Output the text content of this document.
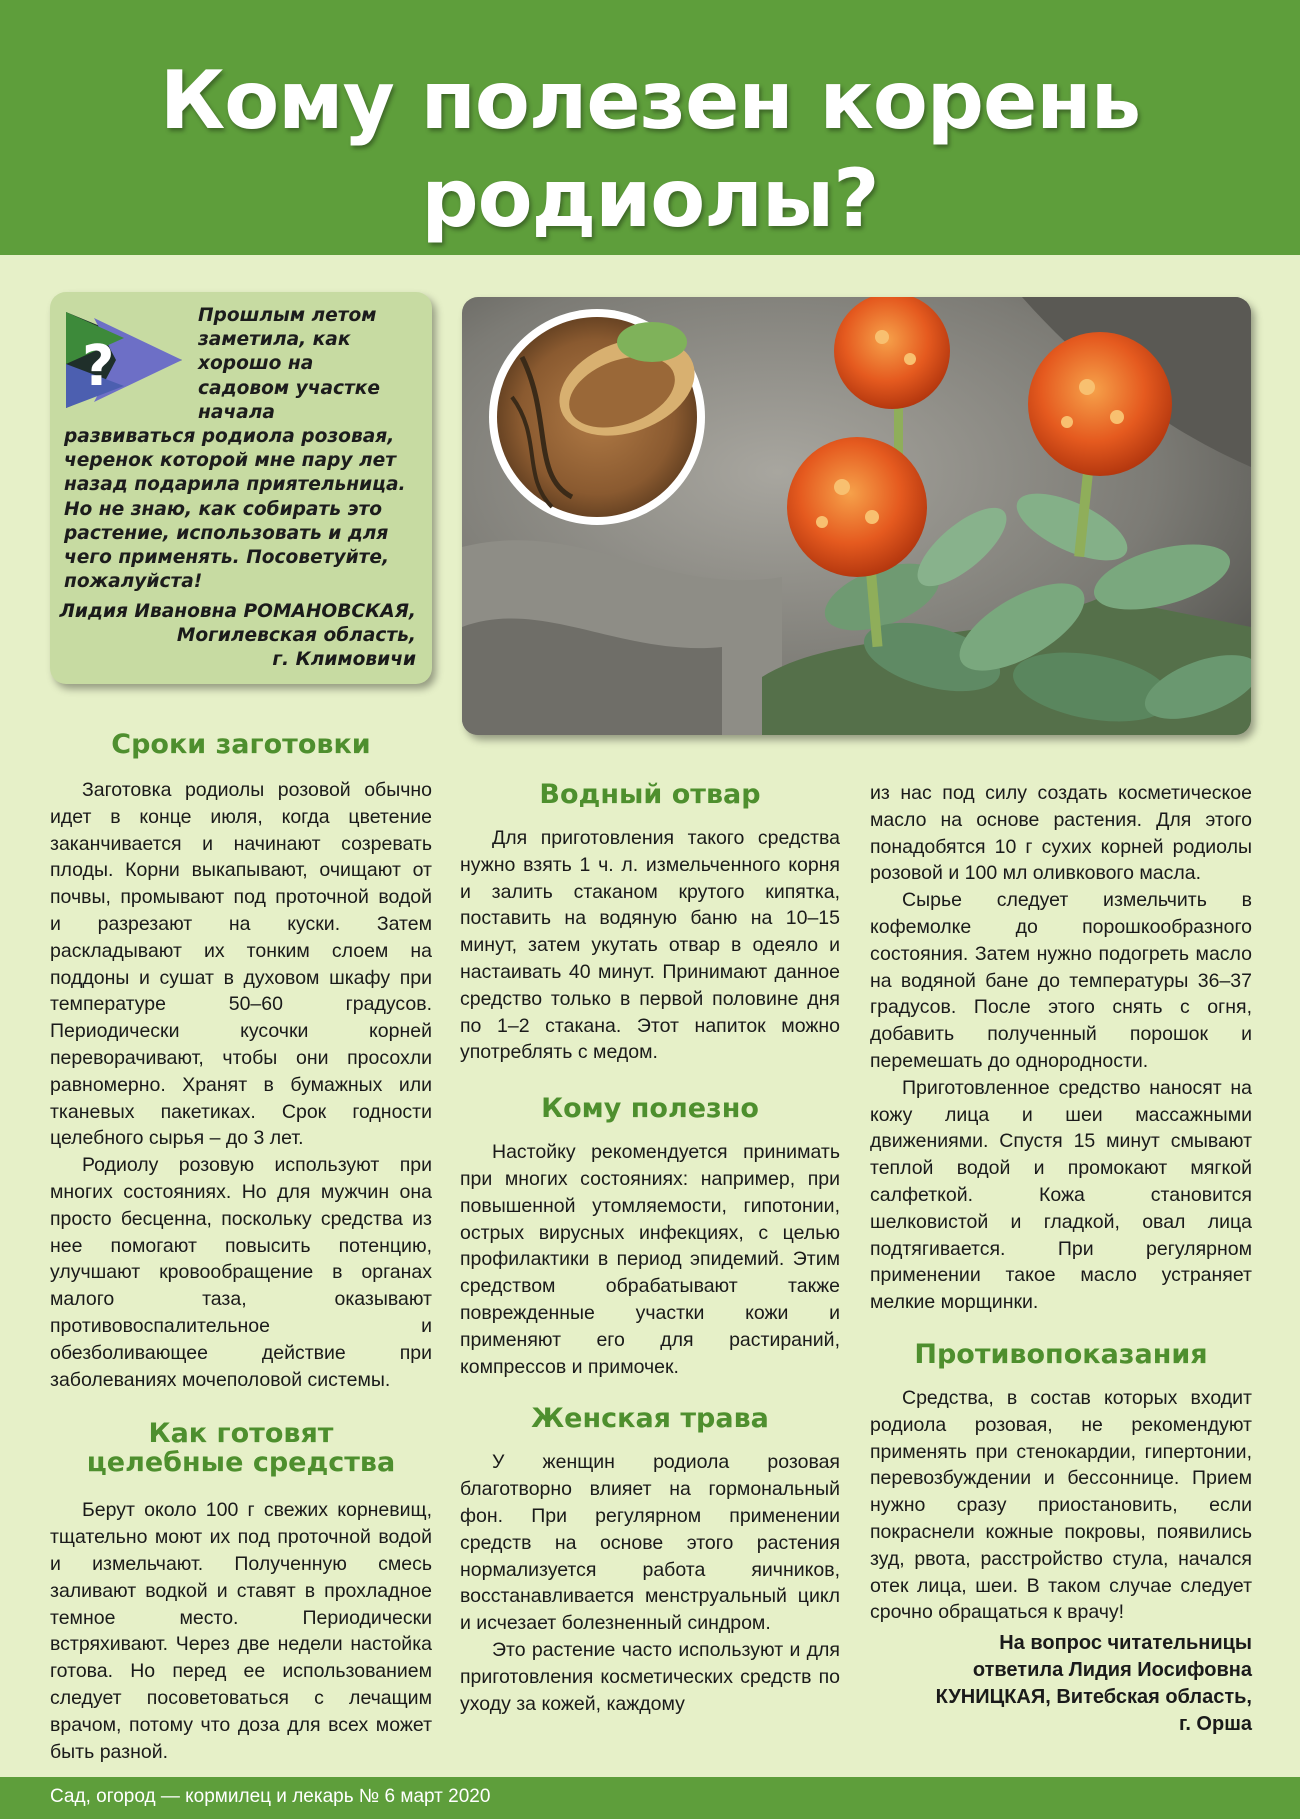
Кому полезен корень родиолы?
?
Прошлым летом заметила, как хорошо на садовом участке начала развиваться родиола розовая, черенок которой мне пару лет назад подарила приятельница. Но не знаю, как собирать это растение, использовать и для чего применять. Посоветуйте, пожалуйста!
Лидия Ивановна РОМАНОВСКАЯ,
Могилевская область,
г. Климовичи
Сроки заготовки

Заготовка родиолы розовой обычно идет в конце июля, когда цветение заканчивается и начинают созревать плоды. Корни выкапывают, очищают от почвы, промывают под проточной водой и разрезают на куски. Затем раскладывают их тонким слоем на поддоны и сушат в духовом шкафу при температуре 50–60 градусов. Периодически кусочки корней переворачивают, чтобы они просохли равномерно. Хранят в бумажных или тканевых пакетиках. Срок годности целебного сырья – до 3 лет.

Родиолу розовую используют при многих состояниях. Но для мужчин она просто бесценна, поскольку средства из нее помогают повысить потенцию, улучшают кровообращение в органах малого таза, оказывают противовоспалительное и обезболивающее действие при заболеваниях мочеполовой системы.

Как готовят целебные средства

Берут около 100 г свежих корневищ, тщательно моют их под проточной водой и измельчают. Полученную смесь заливают водкой и ставят в прохладное темное место. Периодически встряхивают. Через две недели настойка готова. Но перед ее использованием следует посоветоваться с лечащим врачом, потому что доза для всех может быть разной.

Водный отвар

Для приготовления такого средства нужно взять 1 ч. л. измельченного корня и залить стаканом крутого кипятка, поставить на водяную баню на 10–15 минут, затем укутать отвар в одеяло и настаивать 40 минут. Принимают данное средство только в первой половине дня по 1–2 стакана. Этот напиток можно употреблять с медом.

Кому полезно

Настойку рекомендуется принимать при многих состояниях: например, при повышенной утомляемости, гипотонии, острых вирусных инфекциях, с целью профилактики в период эпидемий. Этим средством обрабатывают также поврежденные участки кожи и применяют его для растираний, компрессов и примочек.

Женская трава

У женщин родиола розовая благотворно влияет на гормональный фон. При регулярном применении средств на основе этого растения нормализуется работа яичников, восстанавливается менструальный цикл и исчезает болезненный синдром.

Это растение часто используют и для приготовления косметических средств по уходу за кожей, каждому

из нас под силу создать косметическое масло на основе растения. Для этого понадобятся 10 г сухих корней родиолы розовой и 100 мл оливкового масла.

Сырье следует измельчить в кофемолке до порошкообразного состояния. Затем нужно подогреть масло на водяной бане до температуры 36–37 градусов. После этого снять с огня, добавить полученный порошок и перемешать до однородности.

Приготовленное средство наносят на кожу лица и шеи массажными движениями. Спустя 15 минут смывают теплой водой и промокают мягкой салфеткой. Кожа становится шелковистой и гладкой, овал лица подтягивается. При регулярном применении такое масло устраняет мелкие морщинки.

Противопоказания

Средства, в состав которых входит родиола розовая, не рекомендуют применять при стенокардии, гипертонии, перевозбуждении и бессоннице. Прием нужно сразу приостановить, если покраснели кожные покровы, появились зуд, рвота, расстройство стула, начался отек лица, шеи. В таком случае следует срочно обращаться к врачу!

На вопрос читательницы
ответила Лидия Иосифовна
КУНИЦКАЯ, Витебская область,
г. Орша
Сад, огород — кормилец и лекарь № 6 март 2020
